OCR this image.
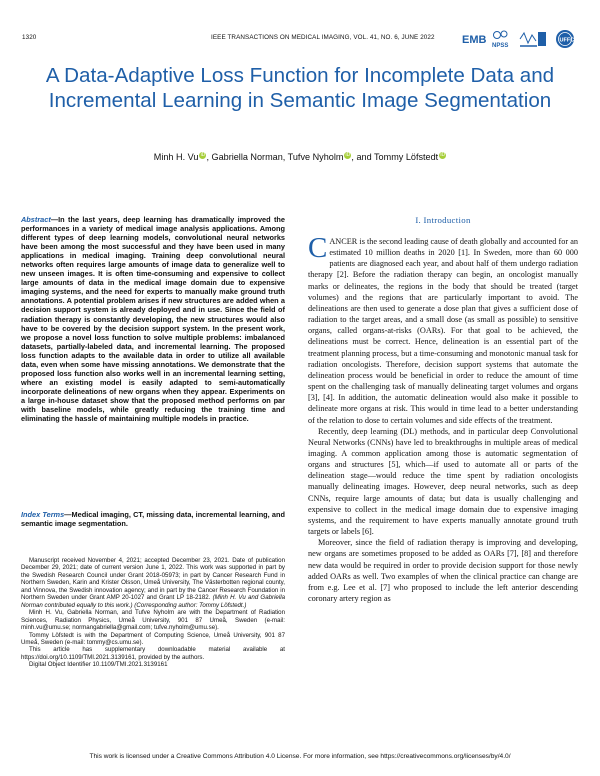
1320	IEEE TRANSACTIONS ON MEDICAL IMAGING, VOL. 41, NO. 6, JUNE 2022 EMB NPSS
UFFC
A Data-Adaptive Loss Function for Incomplete Data and Incremental Learning in Semantic Image Segmentation
Minh H. Vu iD, Gabriella Norman, Tufve Nyholm iD, and Tommy Löfstedt iD
Abstract—In the last years, deep learning has dramatically improved the performances in a variety of medical image analysis applications. Among different types of deep learning models, convolutional neural networks have been among the most successful and they have been used in many applications in medical imaging. Training deep convolutional neural networks often requires large amounts of image data to generalize well to new unseen images. It is often time-consuming and expensive to collect large amounts of data in the medical image domain due to expensive imaging systems, and the need for experts to manually make ground truth annotations. A potential problem arises if new structures are added when a decision support system is already deployed and in use. Since the field of radiation therapy is constantly developing, the new structures would also have to be covered by the decision support system. In the present work, we propose a novel loss function to solve multiple problems: imbalanced datasets, partially-labeled data, and incremental learning. The proposed loss function adapts to the available data in order to utilize all available data, even when some have missing annotations. We demonstrate that the proposed loss function also works well in an incremental learning setting, where an existing model is easily adapted to semi-automatically incorporate delineations of new organs when they appear. Experiments on a large in-house dataset show that the proposed method performs on par with baseline models, while greatly reducing the training time and eliminating the hassle of maintaining multiple models in practice.
Index Terms—Medical imaging, CT, missing data, incremental learning, and semantic image segmentation.

Manuscript received November 4, 2021; accepted December 23, 2021. Date of publication December 29, 2021; date of current version June 1, 2022. This work was supported in part by the Swedish Research Council under Grant 2018-05973; in part by Cancer Research Fund in Northern Sweden, Karin and Krister Olsson, Umeå University, The Västerbotten regional county, and Vinnova, the Swedish innovation agency; and in part by the Cancer Research Foundation in Northern Sweden under Grant AMP 20-1027 and Grant LP 18-2182. (Minh H. Vu and Gabriella Norman contributed equally to this work.) (Corresponding author: Tommy Löfstedt.)

Minh H. Vu, Gabriella Norman, and Tufve Nyholm are with the Department of Radiation Sciences, Radiation Physics, Umeå University, 901 87 Umeå, Sweden (e-mail: minh.vu@umu.se; normangabriella@gmail.com; tufve.nyholm@umu.se).

Tommy Löfstedt is with the Department of Computing Science, Umeå University, 901 87 Umeå, Sweden (e-mail: tommy@cs.umu.se).

This article has supplementary downloadable material available at https://doi.org/10.1109/TMI.2021.3139161, provided by the authors.

Digital Object Identifier 10.1109/TMI.2021.3139161

I. Introduction

CANCER is the second leading cause of death globally and accounted for an estimated 10 million deaths in 2020 [1]. In Sweden, more than 60 000 patients are diagnosed each year, and about half of them undergo radiation therapy [2]. Before the radiation therapy can begin, an oncologist manually marks or delineates, the regions in the body that should be treated (target volumes) and the regions that are particularly important to avoid. The delineations are then used to generate a dose plan that gives a sufficient dose of radiation to the target areas, and a small dose (as small as possible) to sensitive organs, called organs-at-risks (OARs). For that goal to be achieved, the delineations must be correct. Hence, delineation is an essential part of the treatment planning process, but a time-consuming and monotonic manual task for radiation oncologists. Therefore, decision support systems that automate the delineation process would be beneficial in order to reduce the amount of time spent on the challenging task of manually delineating target volumes and organs [3], [4]. In addition, the automatic delineation would also make it possible to delineate more organs at risk. This would in time lead to a better understanding of the relation to dose to certain volumes and side effects of the treatment.

Recently, deep learning (DL) methods, and in particular deep Convolutional Neural Networks (CNNs) have led to breakthroughs in multiple areas of medical imaging. A common application among those is automatic segmentation of organs and structures [5], which—if used to automate all or parts of the delineation stage—would reduce the time spent by radiation oncologists manually delineating images. However, deep neural networks, such as deep CNNs, require large amounts of data; but data is usually challenging and expensive to collect in the medical image domain due to expensive imaging systems, and the requirement to have experts manually annotate ground truth targets or labels [6].

Moreover, since the field of radiation therapy is improving and developing, new organs are sometimes proposed to be added as OARs [7], [8] and therefore new data would be required in order to provide decision support for those newly added OARs as well. Two examples of when the clinical practice can change are from e.g. Lee et al. [7] who proposed to include the left anterior descending coronary artery region as

This work is licensed under a Creative Commons Attribution 4.0 License. For more information, see https://creativecommons.org/licenses/by/4.0/
